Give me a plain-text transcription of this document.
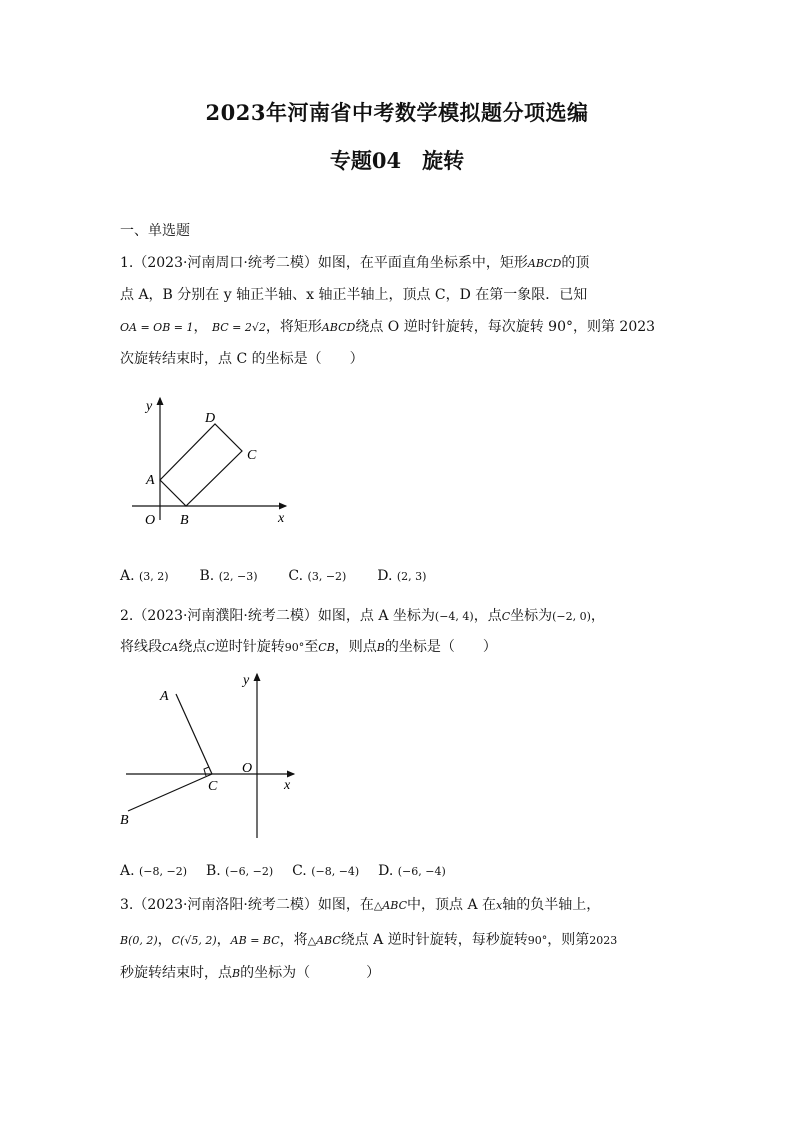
2023年河南省中考数学模拟题分项选编
专题04　旋转
一、单选题
1.（2023·河南周口·统考二模）如图，在平面直角坐标系中，矩形ABCD的顶
点 A，B 分别在 y 轴正半轴、x 轴正半轴上，顶点 C，D 在第一象限．已知
OA = OB = 1， BC = 2√2，将矩形ABCD绕点 O 逆时针旋转，每次旋转 90°，则第 2023
次旋转结束时，点 C 的坐标是（　　）
y
D
C
A
O B	x
A. (3, 2) B. (2, −3) C. (3, −2) D. (2, 3)
2.（2023·河南濮阳·统考二模）如图，点 A 坐标为(−4, 4)，点C坐标为(−2, 0)，
将线段CA绕点C逆时针旋转90°至CB，则点B的坐标是（　　）
A
y
O
C	x
B
A. (−8, −2) B. (−6, −2) C. (−8, −4) D. (−6, −4)
3.（2023·河南洛阳·统考二模）如图，在△ABC中，顶点 A 在x轴的负半轴上，
B(0, 2)，C(√5, 2)，AB = BC，将△ABC绕点 A 逆时针旋转，每秒旋转90°，则第2023
秒旋转结束时，点B的坐标为（　　　　）
